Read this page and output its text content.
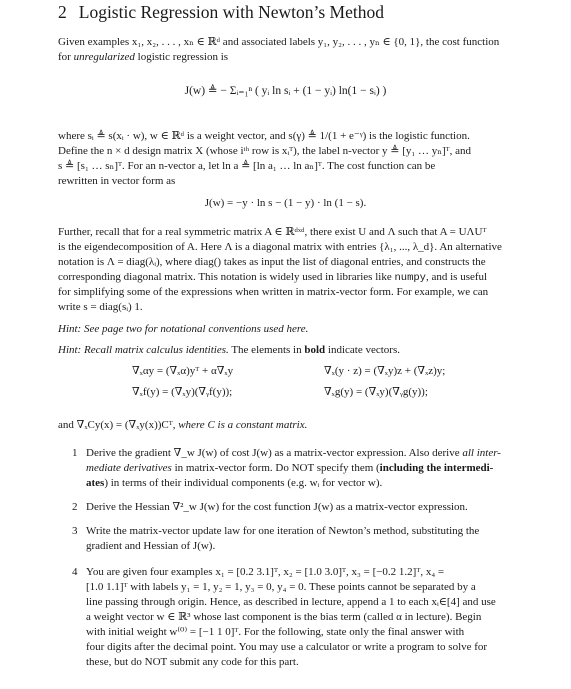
2 Logistic Regression with Newton’s Method

Given examples x₁, x₂, . . . , xₙ ∈ ℝᵈ and associated labels y₁, y₂, . . . , yₙ ∈ {0, 1}, the cost function

for unregularized logistic regression is

J(w) ≜ − Σᵢ₌₁ⁿ ( yᵢ ln sᵢ + (1 − yᵢ) ln(1 − sᵢ) )

where sᵢ ≜ s(xᵢ · w), w ∈ ℝᵈ is a weight vector, and s(γ) ≜ 1/(1 + e⁻ᵞ) is the logistic function.

Define the n × d design matrix X (whose iᵗʰ row is xᵢᵀ), the label n-vector y ≜ [y₁ … yₙ]ᵀ, and

s ≜ [s₁ … sₙ]ᵀ. For an n-vector a, let ln a ≜ [ln a₁ … ln aₙ]ᵀ. The cost function can be

rewritten in vector form as

J(w) = −y · ln s − (1 − y) · ln (1 − s).

Further, recall that for a real symmetric matrix A ∈ ℝᵈˣᵈ, there exist U and Λ such that A = UΛUᵀ

is the eigendecomposition of A. Here Λ is a diagonal matrix with entries {λ₁, ..., λ_d}. An alternative

notation is Λ = diag(λᵢ), where diag() takes as input the list of diagonal entries, and constructs the

corresponding diagonal matrix. This notation is widely used in libraries like numpy, and is useful

for simplifying some of the expressions when written in matrix-vector form. For example, we can

write s = diag(sᵢ) 1.

Hint: See page two for notational conventions used here.

Hint: Recall matrix calculus identities. The elements in bold indicate vectors.

∇ₓαy = (∇ₓα)yᵀ + α∇ₓy	∇ₓ(y · z) = (∇ₓy)z + (∇ₓz)y;

∇ₓf(y) = (∇ₓy)(∇ᵧf(y));	∇ₓg(y) = (∇ₓy)(∇ᵧg(y));

and ∇ₓCy(x) = (∇ₓy(x))Cᵀ, where C is a constant matrix.

1 Derive the gradient ∇_w J(w) of cost J(w) as a matrix-vector expression. Also derive all inter-
mediate derivatives in matrix-vector form. Do NOT specify them (including the intermedi-
ates) in terms of their individual components (e.g. wᵢ for vector w).
2 Derive the Hessian ∇²_w J(w) for the cost function J(w) as a matrix-vector expression.
3 Write the matrix-vector update law for one iteration of Newton’s method, substituting the
gradient and Hessian of J(w).
4 You are given four examples x₁ = [0.2 3.1]ᵀ, x₂ = [1.0 3.0]ᵀ, x₃ = [−0.2 1.2]ᵀ, x₄ =
[1.0 1.1]ᵀ with labels y₁ = 1, y₂ = 1, y₃ = 0, y₄ = 0. These points cannot be separated by a
line passing through origin. Hence, as described in lecture, append a 1 to each xᵢ∈[4] and use
a weight vector w ∈ ℝ³ whose last component is the bias term (called α in lecture). Begin
with initial weight w⁽⁰⁾ = [−1 1 0]ᵀ. For the following, state only the final answer with
four digits after the decimal point. You may use a calculator or write a program to solve for
these, but do NOT submit any code for this part.
